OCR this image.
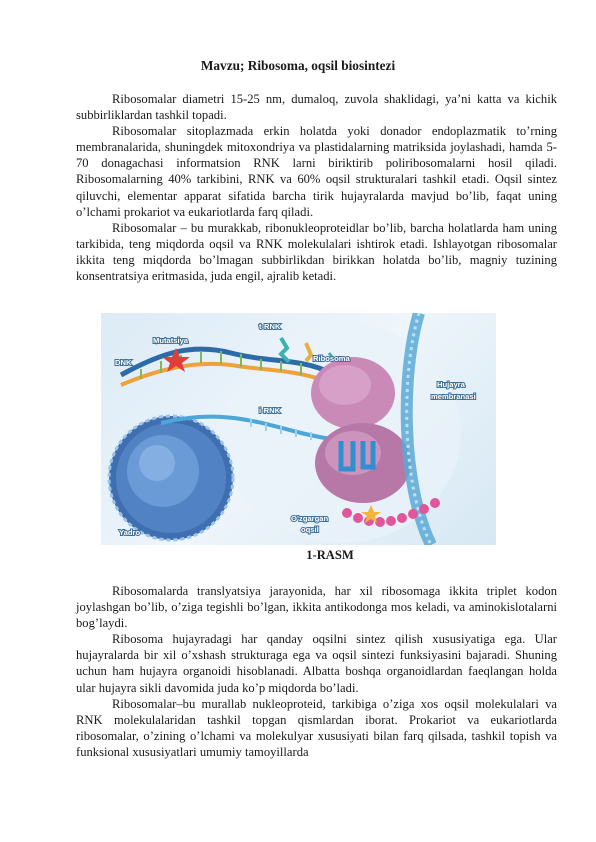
Mavzu; Ribosoma, oqsil biosintezi

Ribosomalar diametri 15-25 nm, dumaloq, zuvola shaklidagi, ya’ni katta va kichik subbirliklardan tashkil topadi.

Ribosomalar sitoplazmada erkin holatda yoki donador endoplazmatik to’rning membranalarida, shuningdek mitoxondriya va plastidalarning matriksida joylashadi, hamda 5-70 donagachasi informatsion RNK larni biriktirib poliribosomalarni hosil qiladi. Ribosomalarning 40% tarkibini, RNK va 60% oqsil strukturalari tashkil etadi. Oqsil sintez qiluvchi, elementar apparat sifatida barcha tirik hujayralarda mavjud bo’lib, faqat uning o’lchami prokariot va eukariotlarda farq qiladi.

Ribosomalar – bu murakkab, ribonukleoproteidlar bo’lib, barcha holatlarda ham uning tarkibida, teng miqdorda oqsil va RNK molekulalari ishtirok etadi. Ishlayotgan ribosomalar ikkita teng miqdorda bo’lmagan subbirlikdan birikkan holatda bo’lib, magniy tuzining konsentratsiya eritmasida, juda engil, ajralib ketadi.

Mutatsiya
DNK
Yadro
t-RNK
Ribosoma
i-RNK
Hujayra
membranasi
O’zgargan
oqsil
1-RASM

Ribosomalarda translyatsiya jarayonida, har xil ribosomaga ikkita triplet kodon joylashgan bo’lib, o’ziga tegishli bo’lgan, ikkita antikodonga mos keladi, va aminokislotalarni bog’laydi.

Ribosoma hujayradagi har qanday oqsilni sintez qilish xususiyatiga ega. Ular hujayralarda bir xil o’xshash strukturaga ega va oqsil sintezi funksiyasini bajaradi. Shuning uchun ham hujayra organoidi hisoblanadi. Albatta boshqa organoidlardan faeqlangan holda ular hujayra sikli davomida juda ko’p miqdorda bo’ladi.

Ribosomalar–bu murallab nukleoproteid, tarkibiga o’ziga xos oqsil molekulalari va RNK molekulalaridan tashkil topgan qismlardan iborat. Prokariot va eukariotlarda ribosomalar, o’zining o’lchami va molekulyar xususiyati bilan farq qilsada, tashkil topish va funksional xususiyatlari umumiy tamoyillarda
